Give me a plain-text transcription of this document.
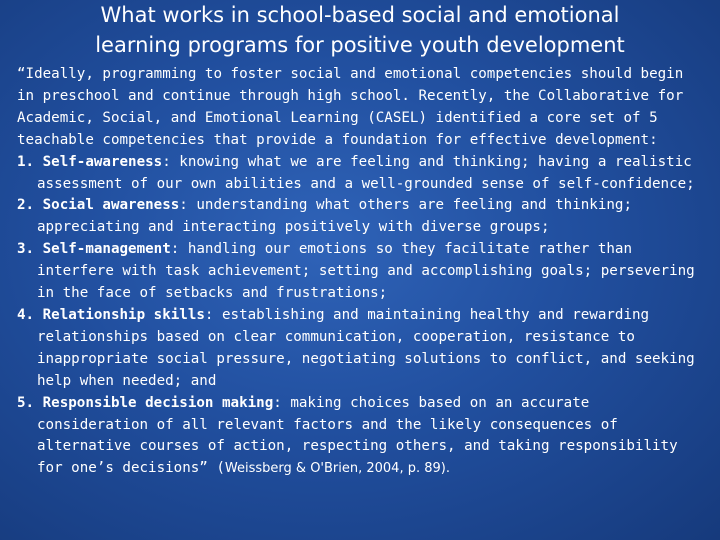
What works in school-based social and emotional
learning programs for positive youth development

“Ideally, programming to foster social and emotional competencies should begin in preschool and continue through high school. Recently, the Collaborative for Academic, Social, and Emotional Learning (CASEL) identified a core set of 5 teachable competencies that provide a foundation for effective development:

1. Self-awareness: knowing what we are feeling and thinking; having a realistic assessment of our own abilities and a well-grounded sense of self-confidence;

2. Social awareness: understanding what others are feeling and thinking; appreciating and interacting positively with diverse groups;

3. Self-management: handling our emotions so they facilitate rather than interfere with task achievement; setting and accomplishing goals; persevering in the face of setbacks and frustrations;

4. Relationship skills: establishing and maintaining healthy and rewarding relationships based on clear communication, cooperation, resistance to inappropriate social pressure, negotiating solutions to conflict, and seeking help when needed; and

5. Responsible decision making: making choices based on an accurate consideration of all relevant factors and the likely consequences of alternative courses of action, respecting others, and taking responsibility for one’s decisions” (Weissberg & O'Brien, 2004, p. 89).
